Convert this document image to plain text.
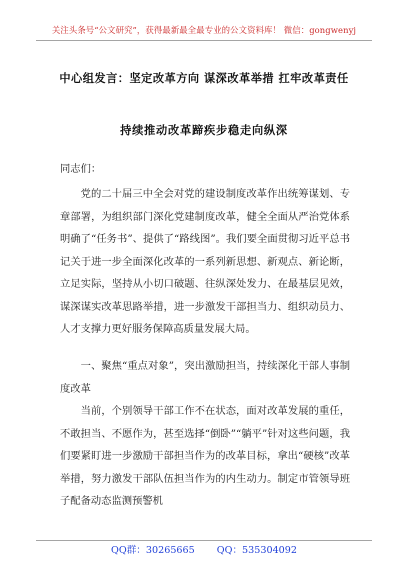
关注头条号“公文研究”，获得最新最全最专业的公文资料库！ 微信：gongwenyj
中心组发言：坚定改革方向 谋深改革举措 扛牢改革责任
持续推动改革蹄疾步稳走向纵深
同志们：

党的二十届三中全会对党的建设制度改革作出统筹谋划、专章部署，为组织部门深化党建制度改革，健全全面从严治党体系明确了“任务书”、提供了“路线图”。我们要全面贯彻习近平总书记关于进一步全面深化改革的一系列新思想、新观点、新论断，立足实际，坚持从小切口破题、往纵深处发力、在最基层见效，谋深谋实改革思路举措，进一步激发干部担当力、组织动员力、人才支撑力更好服务保障高质量发展大局。

一、聚焦“重点对象”，突出激励担当，持续深化干部人事制度改革

当前，个别领导干部工作不在状态，面对改革发展的重任，不敢担当、不愿作为，甚至选择“倒卧”“躺平”针对这些问题，我们要紧盯进一步激励干部担当作为的改革目标，拿出“硬核”改革举措，努力激发干部队伍担当作为的内生动力。制定市管领导班子配备动态监测预警机

QQ群：30265665 QQ：535304092
